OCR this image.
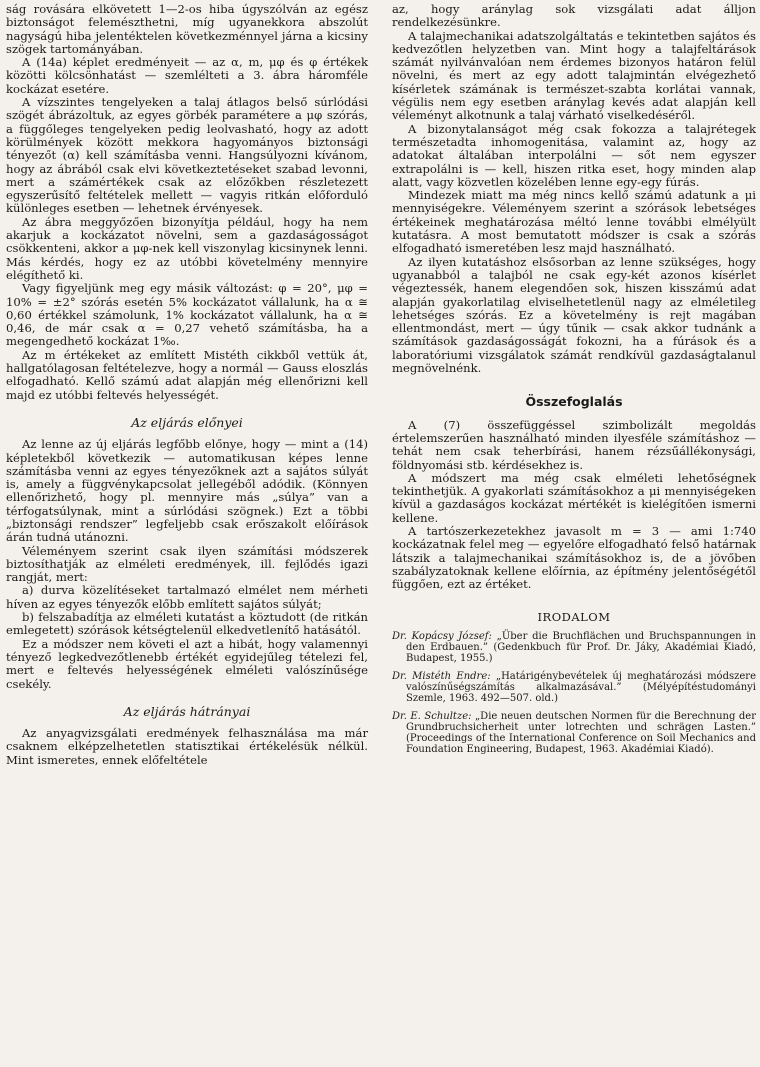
ság rovására elkövetett 1—2-os hiba úgyszólván az egész biztonságot felemészthetni, míg ugyanekkora abszolút nagyságú hiba jelentéktelen következménnyel járna a kicsiny szögek tartományában.

A (14a) képlet eredményeit — az α, m, μφ és φ értékek közötti kölcsönhatást — szemlélteti a 3. ábra háromféle kockázat esetére.

A vízszintes tengelyeken a talaj átlagos belső súrlódási szögét ábrázoltuk, az egyes görbék paramétere a μφ szórás, a függőleges tengelyeken pedig leolvasható, hogy az adott körülmények között mekkora hagyományos biztonsági tényezőt (α) kell számításba venni. Hangsúlyozni kívánom, hogy az ábrából csak elvi következtetéseket szabad levonni, mert a számértékek csak az előzőkben részletezett egyszerűsítő feltételek mellett — vagyis ritkán előforduló különleges esetben — lehetnek érvényesek.

Az ábra meggyőzően bizonyítja például, hogy ha nem akarjuk a kockázatot növelni, sem a gazdaságosságot csökkenteni, akkor a μφ-nek kell viszonylag kicsinynek lenni. Más kérdés, hogy ez az utóbbi követelmény mennyire elégíthető ki.

Vagy figyeljünk meg egy másik változást: φ = 20°, μφ = 10% = ±2° szórás esetén 5% kockázatot vállalunk, ha α ≅ 0,60 értékkel számolunk, 1% kockázatot vállalunk, ha α ≅ 0,46, de már csak α = 0,27 vehető számításba, ha a megengedhető kockázat 1‰.

Az m értékeket az említett Mistéth cikkből vettük át, hallgatólagosan feltételezve, hogy a normál — Gauss eloszlás elfogadható. Kellő számú adat alapján még ellenőrizni kell majd ez utóbbi feltevés helyességét.

Az eljárás előnyei

Az lenne az új eljárás legfőbb előnye, hogy — mint a (14) képletekből következik — automatikusan képes lenne számításba venni az egyes tényezőknek azt a sajátos súlyát is, amely a függvénykapcsolat jellegéből adódik. (Könnyen ellenőrizhető, hogy pl. mennyire más „súlya” van a térfogatsúlynak, mint a súrlódási szögnek.) Ezt a többi „biztonsági rendszer” legfeljebb csak erőszakolt előírások árán tudná utánozni.

Véleményem szerint csak ilyen számítási módszerek biztosíthatják az elméleti eredmények, ill. fejlődés igazi rangját, mert:

a) durva közelítéseket tartalmazó elmélet nem mérheti híven az egyes tényezők előbb említett sajátos súlyát;

b) felszabadítja az elméleti kutatást a köztudott (de ritkán emlegetett) szórások kétségtelenül elkedvetlenítő hatásától.

Ez a módszer nem követi el azt a hibát, hogy valamennyi tényező legkedvezőtlenebb értékét egyidejűleg tételezi fel, mert e feltevés helyességének elméleti valószínűsége csekély.

Az eljárás hátrányai

Az anyagvizsgálati eredmények felhasználása ma már csaknem elképzelhetetlen statisztikai értékelésük nélkül. Mint ismeretes, ennek előfeltétele

az, hogy aránylag sok vizsgálati adat álljon rendelkezésünkre.

A talajmechanikai adatszolgáltatás e tekintetben sajátos és kedvezőtlen helyzetben van. Mint hogy a talajfeltárások számát nyilvánvalóan nem érdemes bizonyos határon felül növelni, és mert az egy adott talajmintán elvégezhető kísérletek számának is természet-szabta korlátai vannak, végülis nem egy esetben aránylag kevés adat alapján kell véleményt alkotnunk a talaj várható viselkedéséről.

A bizonytalanságot még csak fokozza a talajrétegek természetadta inhomogenitása, valamint az, hogy az adatokat általában interpolálni — sőt nem egyszer extrapolálni is — kell, hiszen ritka eset, hogy minden alap alatt, vagy közvetlen közelében lenne egy-egy fúrás.

Mindezek miatt ma még nincs kellő számú adatunk a μi mennyiségekre. Véleményem szerint a szórások lebetséges értékeinek meghatározása méltó lenne további elmélyült kutatásra. A most bemutatott módszer is csak a szórás elfogadható ismeretében lesz majd használható.

Az ilyen kutatáshoz elsősorban az lenne szükséges, hogy ugyanabból a talajból ne csak egy-két azonos kísérlet végeztessék, hanem elegendően sok, hiszen kisszámú adat alapján gyakorlatilag elviselhetetlenül nagy az elméletileg lehetséges szórás. Ez a követelmény is rejt magában ellentmondást, mert — úgy tűnik — csak akkor tudnánk a számítások gazdaságosságát fokozni, ha a fúrások és a laboratóriumi vizsgálatok számát rendkívül gazdaságtalanul megnövelnénk.

Összefoglalás

A (7) összefüggéssel szimbolizált megoldás értelemszerűen használható minden ilyesféle számításhoz — tehát nem csak teherbírási, hanem rézsűállékonysági, földnyomási stb. kérdésekhez is.

A módszert ma még csak elméleti lehetőségnek tekinthetjük. A gyakorlati számításokhoz a μi mennyiségeken kívül a gazdaságos kockázat mértékét is kielégítően ismerni kellene.

A tartószerkezetekhez javasolt m = 3 — ami 1:740 kockázatnak felel meg — egyelőre elfogadható felső határnak látszik a talajmechanikai számításokhoz is, de a jövőben szabályzatoknak kellene előírnia, az építmény jelentőségétől függően, ezt az értéket.

IRODALOM

Dr. Kopácsy József: „Über die Bruchflächen und Bruchspannungen in den Erdbauen.” (Gedenkbuch für Prof. Dr. Jáky, Akadémiai Kiadó, Budapest, 1955.)

Dr. Mistéth Endre: „Határigénybevételek új meghatározási módszere valószínűségszámítás alkalmazásával.” (Mélyépítéstudományi Szemle, 1963. 492—507. old.)

Dr. E. Schultze: „Die neuen deutschen Normen für die Berechnung der Grundbruchsicherheit unter lotrechten und schrägen Lasten.” (Proceedings of the International Conference on Soil Mechanics and Foundation Engineering, Budapest, 1963. Akadémiai Kiadó).
